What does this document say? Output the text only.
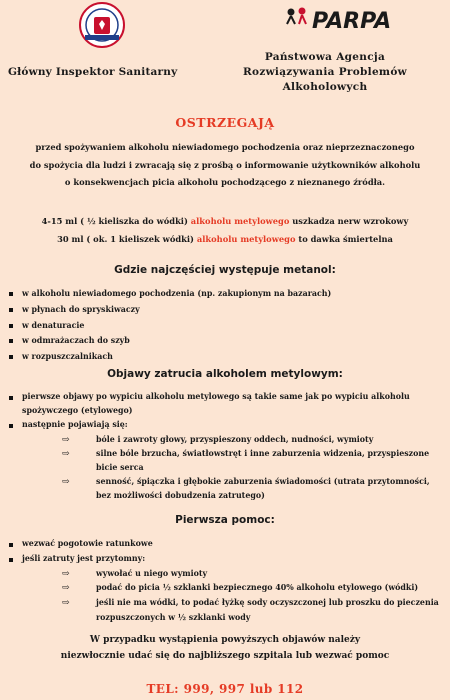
Główny Inspektor Sanitarny
PARPA
Państwowa Agencja
Rozwiązywania Problemów
Alkoholowych
OSTRZEGAJĄ
przed spożywaniem alkoholu niewiadomego pochodzenia oraz nieprzeznaczonego
do spożycia dla ludzi i zwracają się z prośbą o informowanie użytkowników alkoholu
o konsekwencjach picia alkoholu pochodzącego z nieznanego źródła.
4-15 ml ( ½ kieliszka do wódki) alkoholu metylowego uszkadza nerw wzrokowy
30 ml ( ok. 1 kieliszek wódki) alkoholu metylowego to dawka śmiertelna
Gdzie najczęściej występuje metanol:
w alkoholu niewiadomego pochodzenia (np. zakupionym na bazarach)
w płynach do spryskiwaczy
w denaturacie
w odmrażaczach do szyb
w rozpuszczalnikach
Objawy zatrucia alkoholem metylowym:
pierwsze objawy po wypiciu alkoholu metylowego są takie same jak po wypiciu alkoholu spożywczego (etylowego)
następnie pojawiają się:
⇨	bóle i zawroty głowy, przyspieszony oddech, nudności, wymioty
⇨	silne bóle brzucha, światłowstręt i inne zaburzenia widzenia, przyspieszone bicie serca
⇨	senność, śpiączka i głębokie zaburzenia świadomości (utrata przytomności, bez możliwości dobudzenia zatrutego)
Pierwsza pomoc:
wezwać pogotowie ratunkowe
jeśli zatruty jest przytomny:
⇨	wywołać u niego wymioty
⇨	podać do picia ½ szklanki bezpiecznego 40% alkoholu etylowego (wódki)
⇨	jeśli nie ma wódki, to podać łyżkę sody oczyszczonej lub proszku do pieczenia rozpuszczonych w ½ szklanki wody
W przypadku wystąpienia powyższych objawów należy
niezwłocznie udać się do najbliższego szpitala lub wezwać pomoc
TEL: 999, 997 lub 112
